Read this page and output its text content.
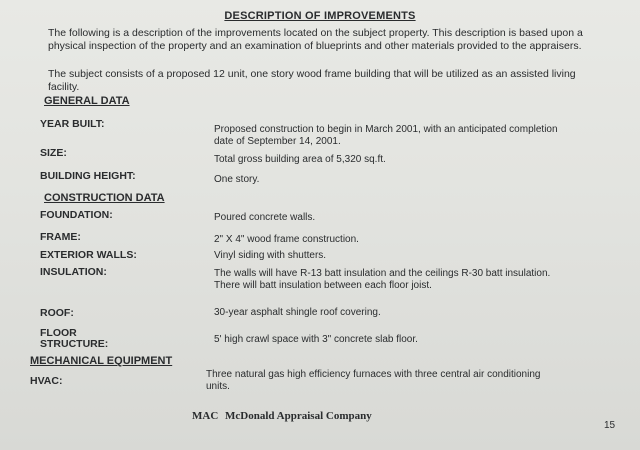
DESCRIPTION OF IMPROVEMENTS
The following is a description of the improvements located on the subject property. This description is based upon a physical inspection of the property and an examination of blueprints and other materials provided to the appraisers.
The subject consists of a proposed 12 unit, one story wood frame building that will be utilized as an assisted living facility.
GENERAL DATA
YEAR BUILT:	Proposed construction to begin in March 2001, with an anticipated completion date of September 14, 2001.
SIZE:
Total gross building area of 5,320 sq.ft.
BUILDING HEIGHT:	One story.
CONSTRUCTION DATA
FOUNDATION:	Poured concrete walls.
FRAME:	2" X 4" wood frame construction.
EXTERIOR WALLS:	Vinyl siding with shutters.
INSULATION:	The walls will have R-13 batt insulation and the ceilings R-30 batt insulation. There will batt insulation between each floor joist.
ROOF:	30-year asphalt shingle roof covering.
FLOOR
STRUCTURE:	5' high crawl space with 3" concrete slab floor.
MECHANICAL EQUIPMENT
HVAC:
Three natural gas high efficiency furnaces with three central air conditioning units.
MAC McDonald Appraisal Company
15
